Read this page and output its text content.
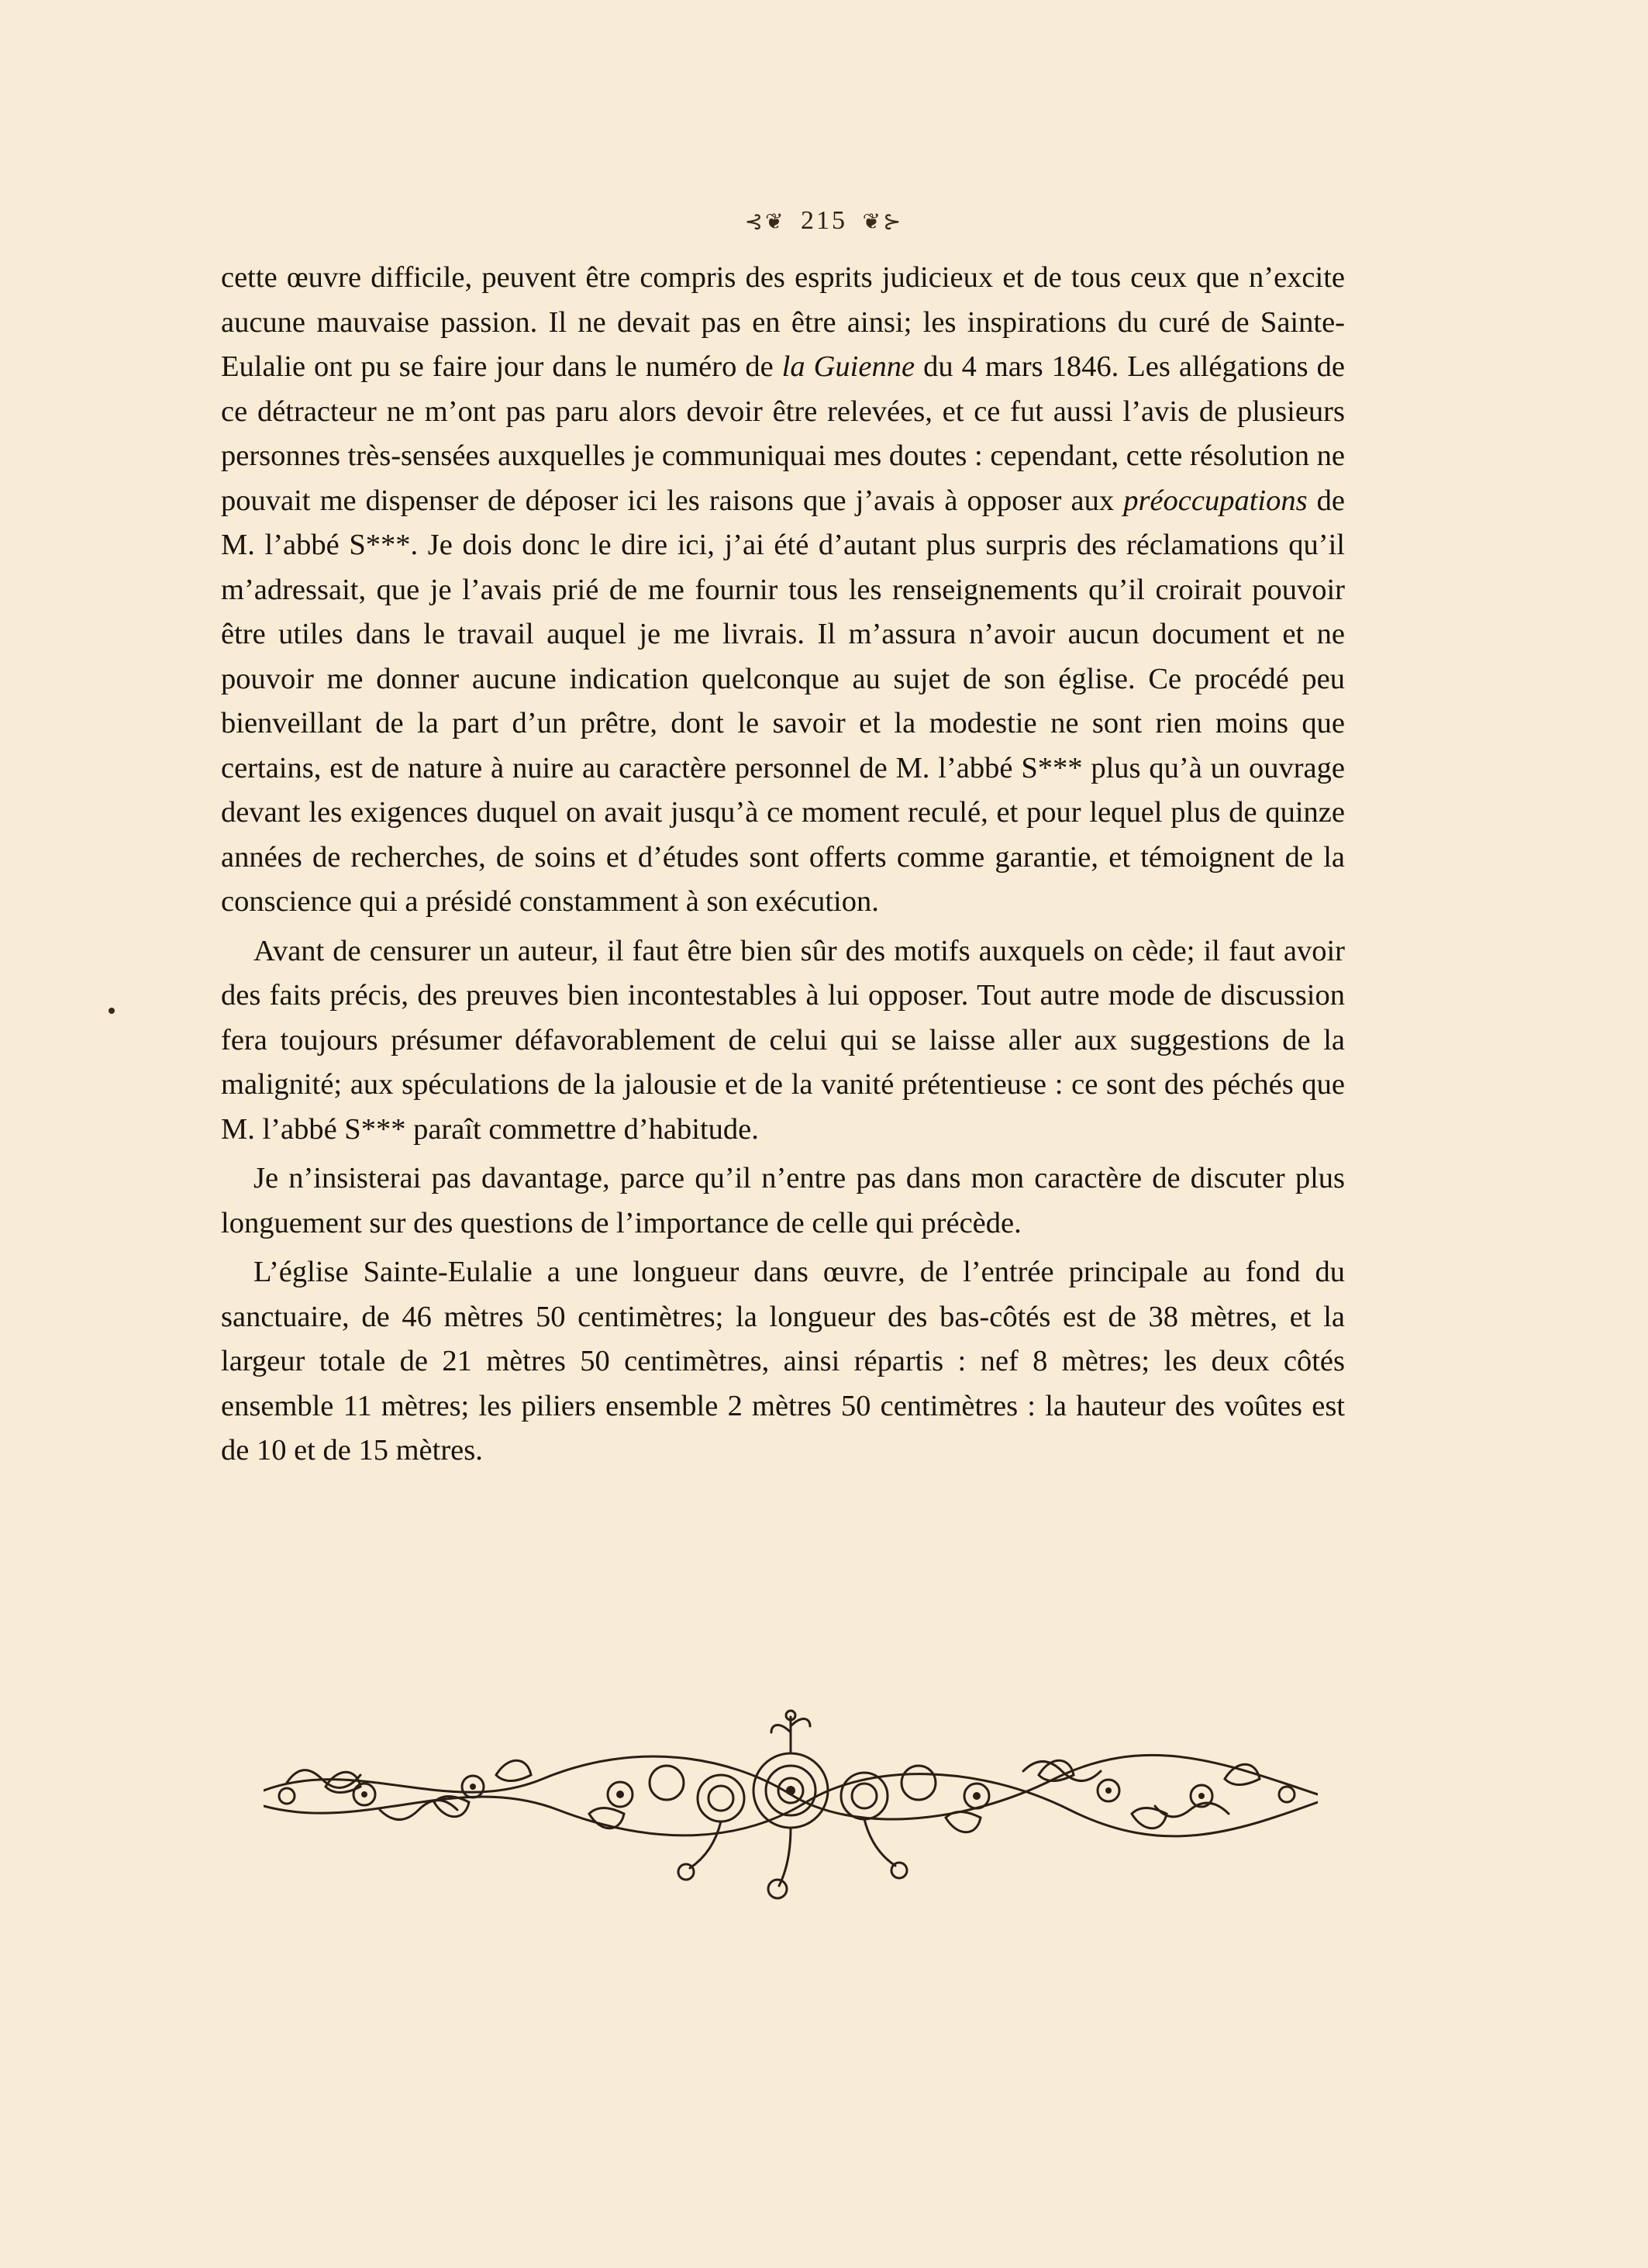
⊰❦ 215 ❦⊱

cette œuvre difficile, peuvent être compris des esprits judicieux et de tous ceux que n’excite aucune mauvaise passion. Il ne devait pas en être ainsi; les inspirations du curé de Sainte-Eulalie ont pu se faire jour dans le numéro de la Guienne du 4 mars 1846. Les allégations de ce détracteur ne m’ont pas paru alors devoir être relevées, et ce fut aussi l’avis de plusieurs personnes très-sensées auxquelles je communiquai mes doutes : cependant, cette résolution ne pouvait me dispenser de déposer ici les raisons que j’avais à opposer aux préoccupations de M. l’abbé S***. Je dois donc le dire ici, j’ai été d’autant plus surpris des réclamations qu’il m’adressait, que je l’avais prié de me fournir tous les renseignements qu’il croirait pouvoir être utiles dans le travail auquel je me livrais. Il m’assura n’avoir aucun document et ne pouvoir me donner aucune indication quelconque au sujet de son église. Ce procédé peu bienveillant de la part d’un prêtre, dont le savoir et la modestie ne sont rien moins que certains, est de nature à nuire au caractère personnel de M. l’abbé S*** plus qu’à un ouvrage devant les exigences duquel on avait jusqu’à ce moment reculé, et pour lequel plus de quinze années de recherches, de soins et d’études sont offerts comme garantie, et témoignent de la conscience qui a présidé constamment à son exécution.

Avant de censurer un auteur, il faut être bien sûr des motifs auxquels on cède; il faut avoir des faits précis, des preuves bien incontestables à lui opposer. Tout autre mode de discussion fera toujours présumer défavorablement de celui qui se laisse aller aux suggestions de la malignité; aux spéculations de la jalousie et de la vanité prétentieuse : ce sont des péchés que M. l’abbé S*** paraît commettre d’habitude.

Je n’insisterai pas davantage, parce qu’il n’entre pas dans mon caractère de discuter plus longuement sur des questions de l’importance de celle qui précède.

L’église Sainte-Eulalie a une longueur dans œuvre, de l’entrée principale au fond du sanctuaire, de 46 mètres 50 centimètres; la longueur des bas-côtés est de 38 mètres, et la largeur totale de 21 mètres 50 centimètres, ainsi répartis : nef 8 mètres; les deux côtés ensemble 11 mètres; les piliers ensemble 2 mètres 50 centimètres : la hauteur des voûtes est de 10 et de 15 mètres.
